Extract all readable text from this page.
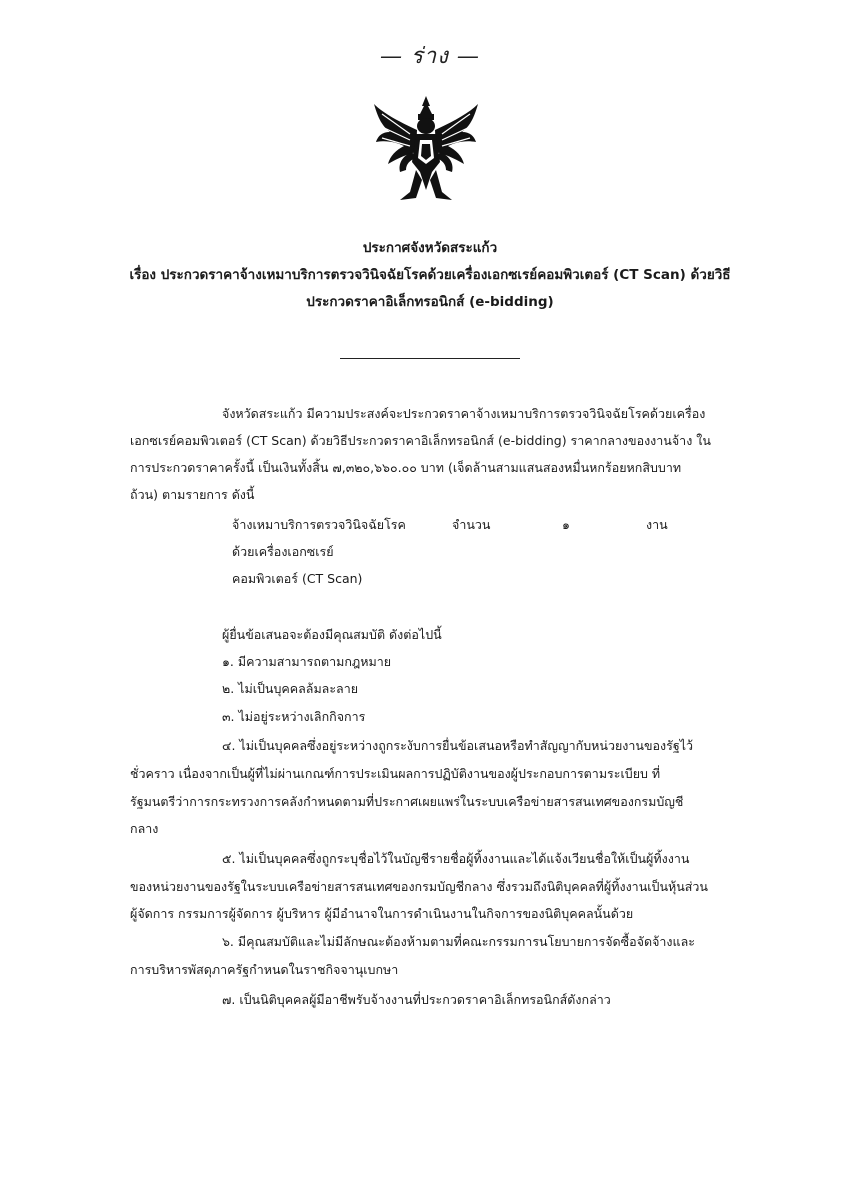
— ร่าง —
ประกาศจังหวัดสระแก้ว
เรื่อง ประกวดราคาจ้างเหมาบริการตรวจวินิจฉัยโรคด้วยเครื่องเอกซเรย์คอมพิวเตอร์ (CT Scan) ด้วยวิธี
ประกวดราคาอิเล็กทรอนิกส์ (e-bidding)
จังหวัดสระแก้ว มีความประสงค์จะประกวดราคาจ้างเหมาบริการตรวจวินิจฉัยโรคด้วยเครื่อง
เอกซเรย์คอมพิวเตอร์ (CT Scan) ด้วยวิธีประกวดราคาอิเล็กทรอนิกส์ (e-bidding) ราคากลางของงานจ้าง ใน
การประกวดราคาครั้งนี้ เป็นเงินทั้งสิ้น ๗,๓๒๐,๖๖๐.๐๐ บาท (เจ็ดล้านสามแสนสองหมื่นหกร้อยหกสิบบาท
ถ้วน) ตามรายการ ดังนี้
จ้างเหมาบริการตรวจวินิจฉัยโรค	จำนวน	๑	งาน
ด้วยเครื่องเอกซเรย์
คอมพิวเตอร์ (CT Scan)
ผู้ยื่นข้อเสนอจะต้องมีคุณสมบัติ ดังต่อไปนี้
๑. มีความสามารถตามกฎหมาย
๒. ไม่เป็นบุคคลล้มละลาย
๓. ไม่อยู่ระหว่างเลิกกิจการ
๔. ไม่เป็นบุคคลซึ่งอยู่ระหว่างถูกระงับการยื่นข้อเสนอหรือทำสัญญากับหน่วยงานของรัฐไว้
ชั่วคราว เนื่องจากเป็นผู้ที่ไม่ผ่านเกณฑ์การประเมินผลการปฏิบัติงานของผู้ประกอบการตามระเบียบ ที่
รัฐมนตรีว่าการกระทรวงการคลังกำหนดตามที่ประกาศเผยแพร่ในระบบเครือข่ายสารสนเทศของกรมบัญชี
กลาง
๕. ไม่เป็นบุคคลซึ่งถูกระบุชื่อไว้ในบัญชีรายชื่อผู้ทิ้งงานและได้แจ้งเวียนชื่อให้เป็นผู้ทิ้งงาน
ของหน่วยงานของรัฐในระบบเครือข่ายสารสนเทศของกรมบัญชีกลาง ซึ่งรวมถึงนิติบุคคลที่ผู้ทิ้งงานเป็นหุ้นส่วน
ผู้จัดการ กรรมการผู้จัดการ ผู้บริหาร ผู้มีอำนาจในการดำเนินงานในกิจการของนิติบุคคลนั้นด้วย
๖. มีคุณสมบัติและไม่มีลักษณะต้องห้ามตามที่คณะกรรมการนโยบายการจัดซื้อจัดจ้างและ
การบริหารพัสดุภาครัฐกำหนดในราชกิจจานุเบกษา
๗. เป็นนิติบุคคลผู้มีอาชีพรับจ้างงานที่ประกวดราคาอิเล็กทรอนิกส์ดังกล่าว
